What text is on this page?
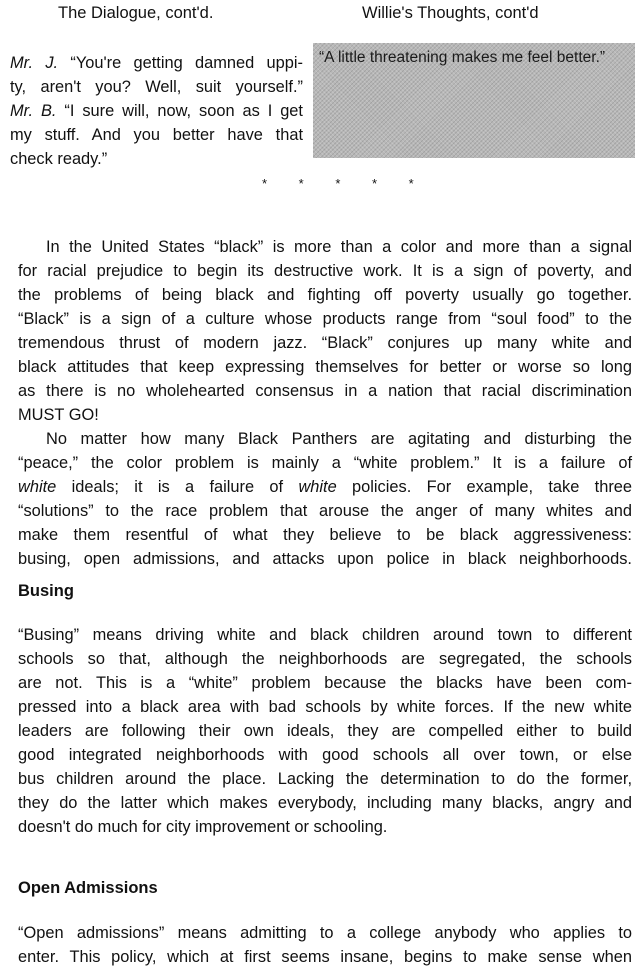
The Dialogue, cont'd.	Willie's Thoughts, cont'd
Mr. J. “You're getting damned uppi-
ty, aren't you? Well, suit yourself.”
Mr. B. “I sure will, now, soon as I get
my stuff. And you better have that
check ready.”
“A little threatening makes me feel better.”
* * * * *
In the United States “black” is more than a color and more than a signal
for racial prejudice to begin its destructive work. It is a sign of poverty, and
the problems of being black and fighting off poverty usually go together.
“Black” is a sign of a culture whose products range from “soul food” to the
tremendous thrust of modern jazz. “Black” conjures up many white and
black attitudes that keep expressing themselves for better or worse so long
as there is no wholehearted consensus in a nation that racial discrimination
MUST GO!
No matter how many Black Panthers are agitating and disturbing the
“peace,” the color problem is mainly a “white problem.” It is a failure of
white ideals; it is a failure of white policies. For example, take three
“solutions” to the race problem that arouse the anger of many whites and
make them resentful of what they believe to be black aggressiveness:
busing, open admissions, and attacks upon police in black neighborhoods.
Busing
“Busing” means driving white and black children around town to different
schools so that, although the neighborhoods are segregated, the schools
are not. This is a “white” problem because the blacks have been com-
pressed into a black area with bad schools by white forces. If the new white
leaders are following their own ideals, they are compelled either to build
good integrated neighborhoods with good schools all over town, or else
bus children around the place. Lacking the determination to do the former,
they do the latter which makes everybody, including many blacks, angry and
doesn't do much for city improvement or schooling.
Open Admissions
“Open admissions” means admitting to a college anybody who applies to
enter. This policy, which at first seems insane, begins to make sense when
